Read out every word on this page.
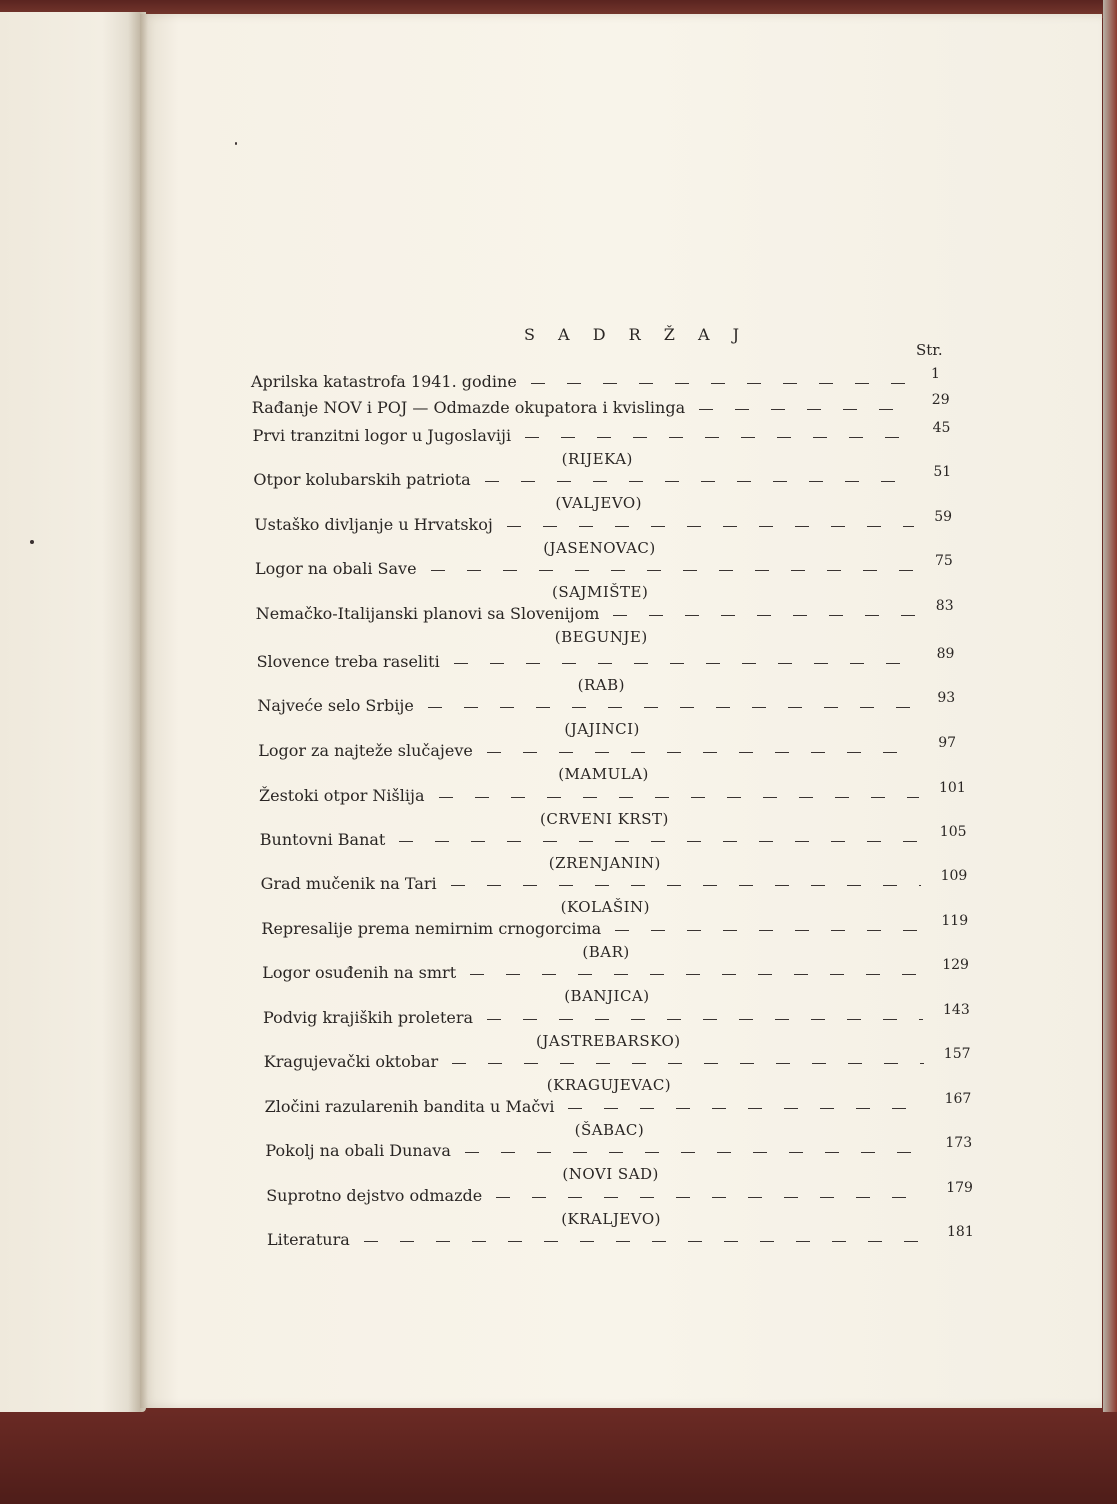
S A D R Ž A J
Str.
Aprilska katastrofa 1941. godine	1
Rađanje NOV i POJ — Odmazde okupatora i kvislinga	29
Prvi tranzitni logor u Jugoslaviji	45
(RIJEKA)
Otpor kolubarskih patriota	51
(VALJEVO)
Ustaško divljanje u Hrvatskoj	59
(JASENOVAC)
Logor na obali Save	75
(SAJMIŠTE)
Nemačko-Italijanski planovi sa Slovenijom	83
(BEGUNJE)
Slovence treba raseliti	89
(RAB)
Najveće selo Srbije	93
(JAJINCI)
Logor za najteže slučajeve	97
(MAMULA)
Žestoki otpor Nišlija	101
(CRVENI KRST)
Buntovni Banat	105
(ZRENJANIN)
Grad mučenik na Tari	109
(KOLAŠIN)
Represalije prema nemirnim crnogorcima	119
(BAR)
Logor osuđenih na smrt	129
(BANJICA)
Podvig krajiških proletera	143
(JASTREBARSKO)
Kragujevački oktobar	157
(KRAGUJEVAC)
Zločini razularenih bandita u Mačvi	167
(ŠABAC)
Pokolj na obali Dunava	173
(NOVI SAD)
Suprotno dejstvo odmazde	179
(KRALJEVO)
Literatura	181
